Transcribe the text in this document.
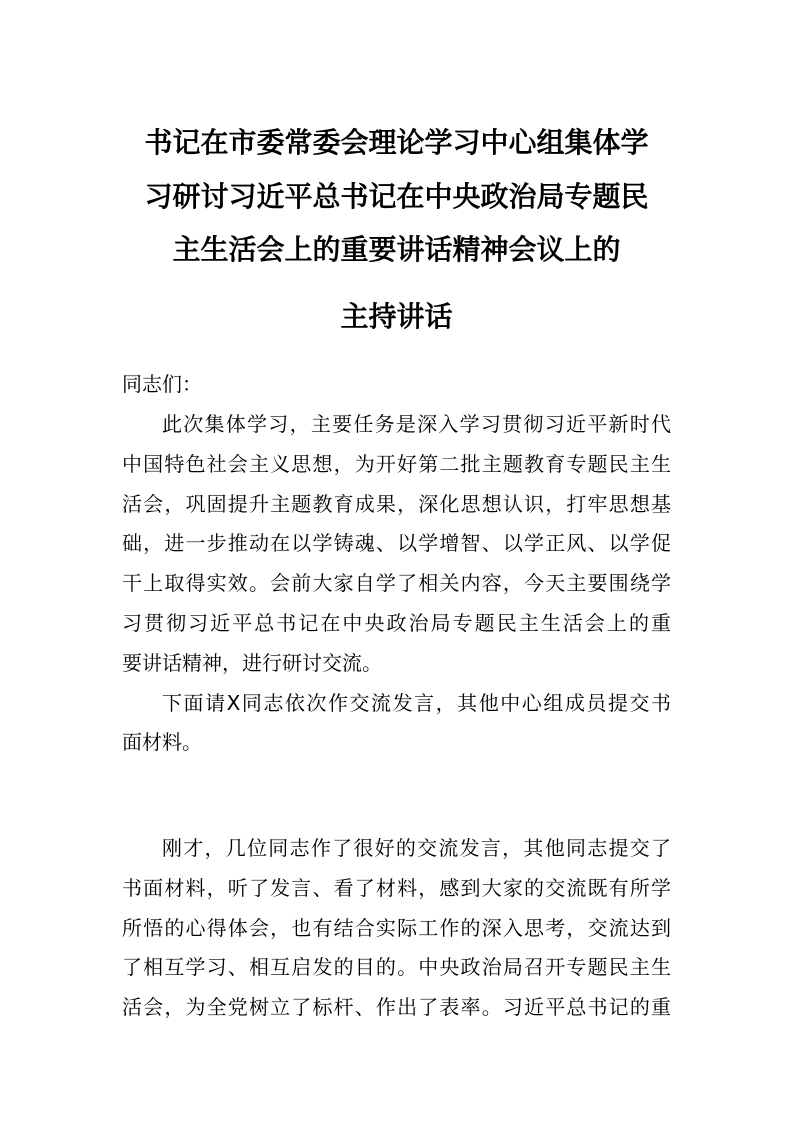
书记在市委常委会理论学习中心组集体学
习研讨习近平总书记在中央政治局专题民
主生活会上的重要讲话精神会议上的
主持讲话
同志们：
此次集体学习，主要任务是深入学习贯彻习近平新时代
中国特色社会主义思想，为开好第二批主题教育专题民主生
活会，巩固提升主题教育成果，深化思想认识，打牢思想基
础，进一步推动在以学铸魂、以学增智、以学正风、以学促
干上取得实效。会前大家自学了相关内容，今天主要围绕学
习贯彻习近平总书记在中央政治局专题民主生活会上的重
要讲话精神，进行研讨交流。
下面请X同志依次作交流发言，其他中心组成员提交书
面材料。
刚才，几位同志作了很好的交流发言，其他同志提交了
书面材料，听了发言、看了材料，感到大家的交流既有所学
所悟的心得体会，也有结合实际工作的深入思考，交流达到
了相互学习、相互启发的目的。中央政治局召开专题民主生
活会，为全党树立了标杆、作出了表率。习近平总书记的重
